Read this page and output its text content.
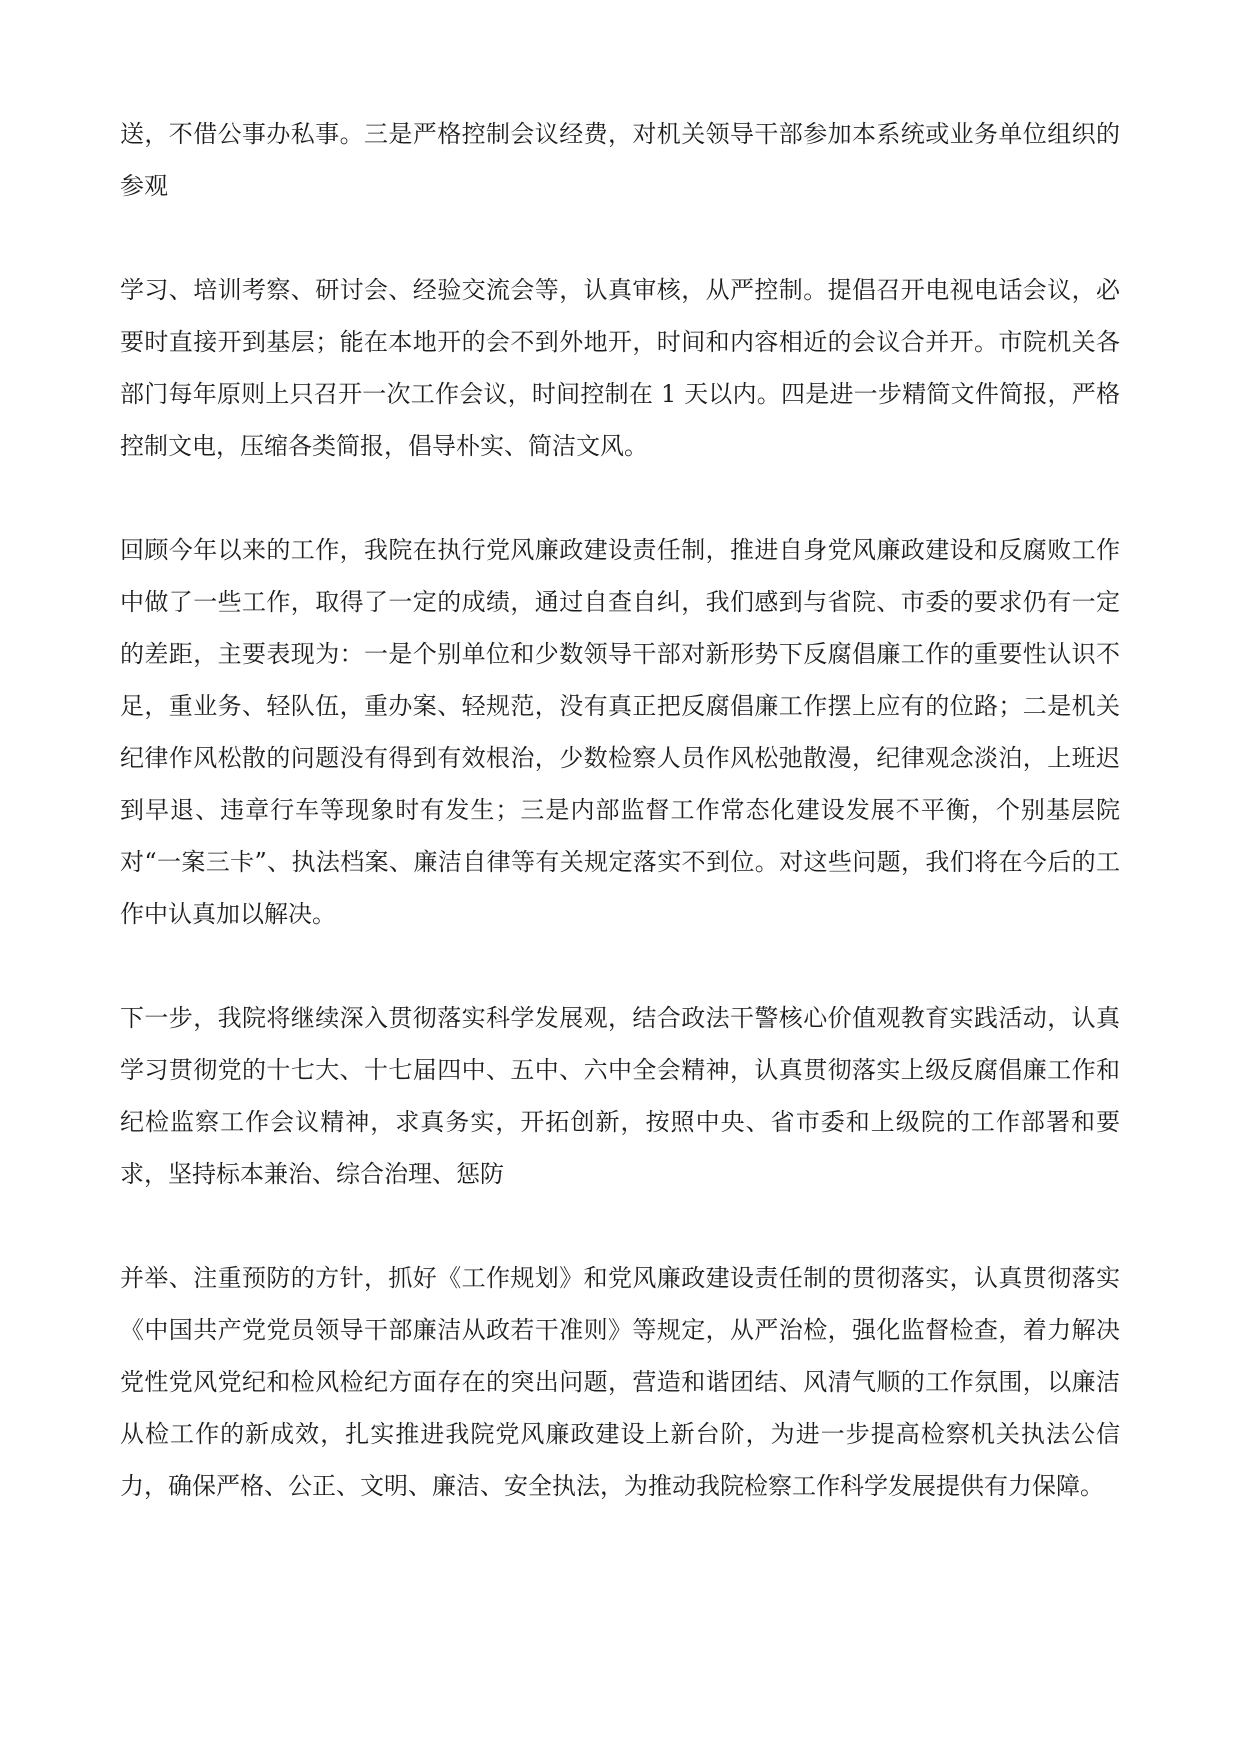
送，不借公事办私事。三是严格控制会议经费，对机关领导干部参加本系统或业务单位组织的参观

学习、培训考察、研讨会、经验交流会等，认真审核，从严控制。提倡召开电视电话会议，必要时直接开到基层；能在本地开的会不到外地开，时间和内容相近的会议合并开。市院机关各部门每年原则上只召开一次工作会议，时间控制在 1 天以内。四是进一步精简文件简报，严格控制文电，压缩各类简报，倡导朴实、简洁文风。

回顾今年以来的工作，我院在执行党风廉政建设责任制，推进自身党风廉政建设和反腐败工作中做了一些工作，取得了一定的成绩，通过自查自纠，我们感到与省院、市委的要求仍有一定的差距，主要表现为：一是个别单位和少数领导干部对新形势下反腐倡廉工作的重要性认识不足，重业务、轻队伍，重办案、轻规范，没有真正把反腐倡廉工作摆上应有的位路；二是机关纪律作风松散的问题没有得到有效根治，少数检察人员作风松弛散漫，纪律观念淡泊，上班迟到早退、违章行车等现象时有发生；三是内部监督工作常态化建设发展不平衡，个别基层院对“一案三卡”、执法档案、廉洁自律等有关规定落实不到位。对这些问题，我们将在今后的工作中认真加以解决。

下一步，我院将继续深入贯彻落实科学发展观，结合政法干警核心价值观教育实践活动，认真学习贯彻党的十七大、十七届四中、五中、六中全会精神，认真贯彻落实上级反腐倡廉工作和纪检监察工作会议精神，求真务实，开拓创新，按照中央、省市委和上级院的工作部署和要求，坚持标本兼治、综合治理、惩防

并举、注重预防的方针，抓好《工作规划》和党风廉政建设责任制的贯彻落实，认真贯彻落实《中国共产党党员领导干部廉洁从政若干准则》等规定，从严治检，强化监督检查，着力解决党性党风党纪和检风检纪方面存在的突出问题，营造和谐团结、风清气顺的工作氛围，以廉洁从检工作的新成效，扎实推进我院党风廉政建设上新台阶，为进一步提高检察机关执法公信力，确保严格、公正、文明、廉洁、安全执法，为推动我院检察工作科学发展提供有力保障。
